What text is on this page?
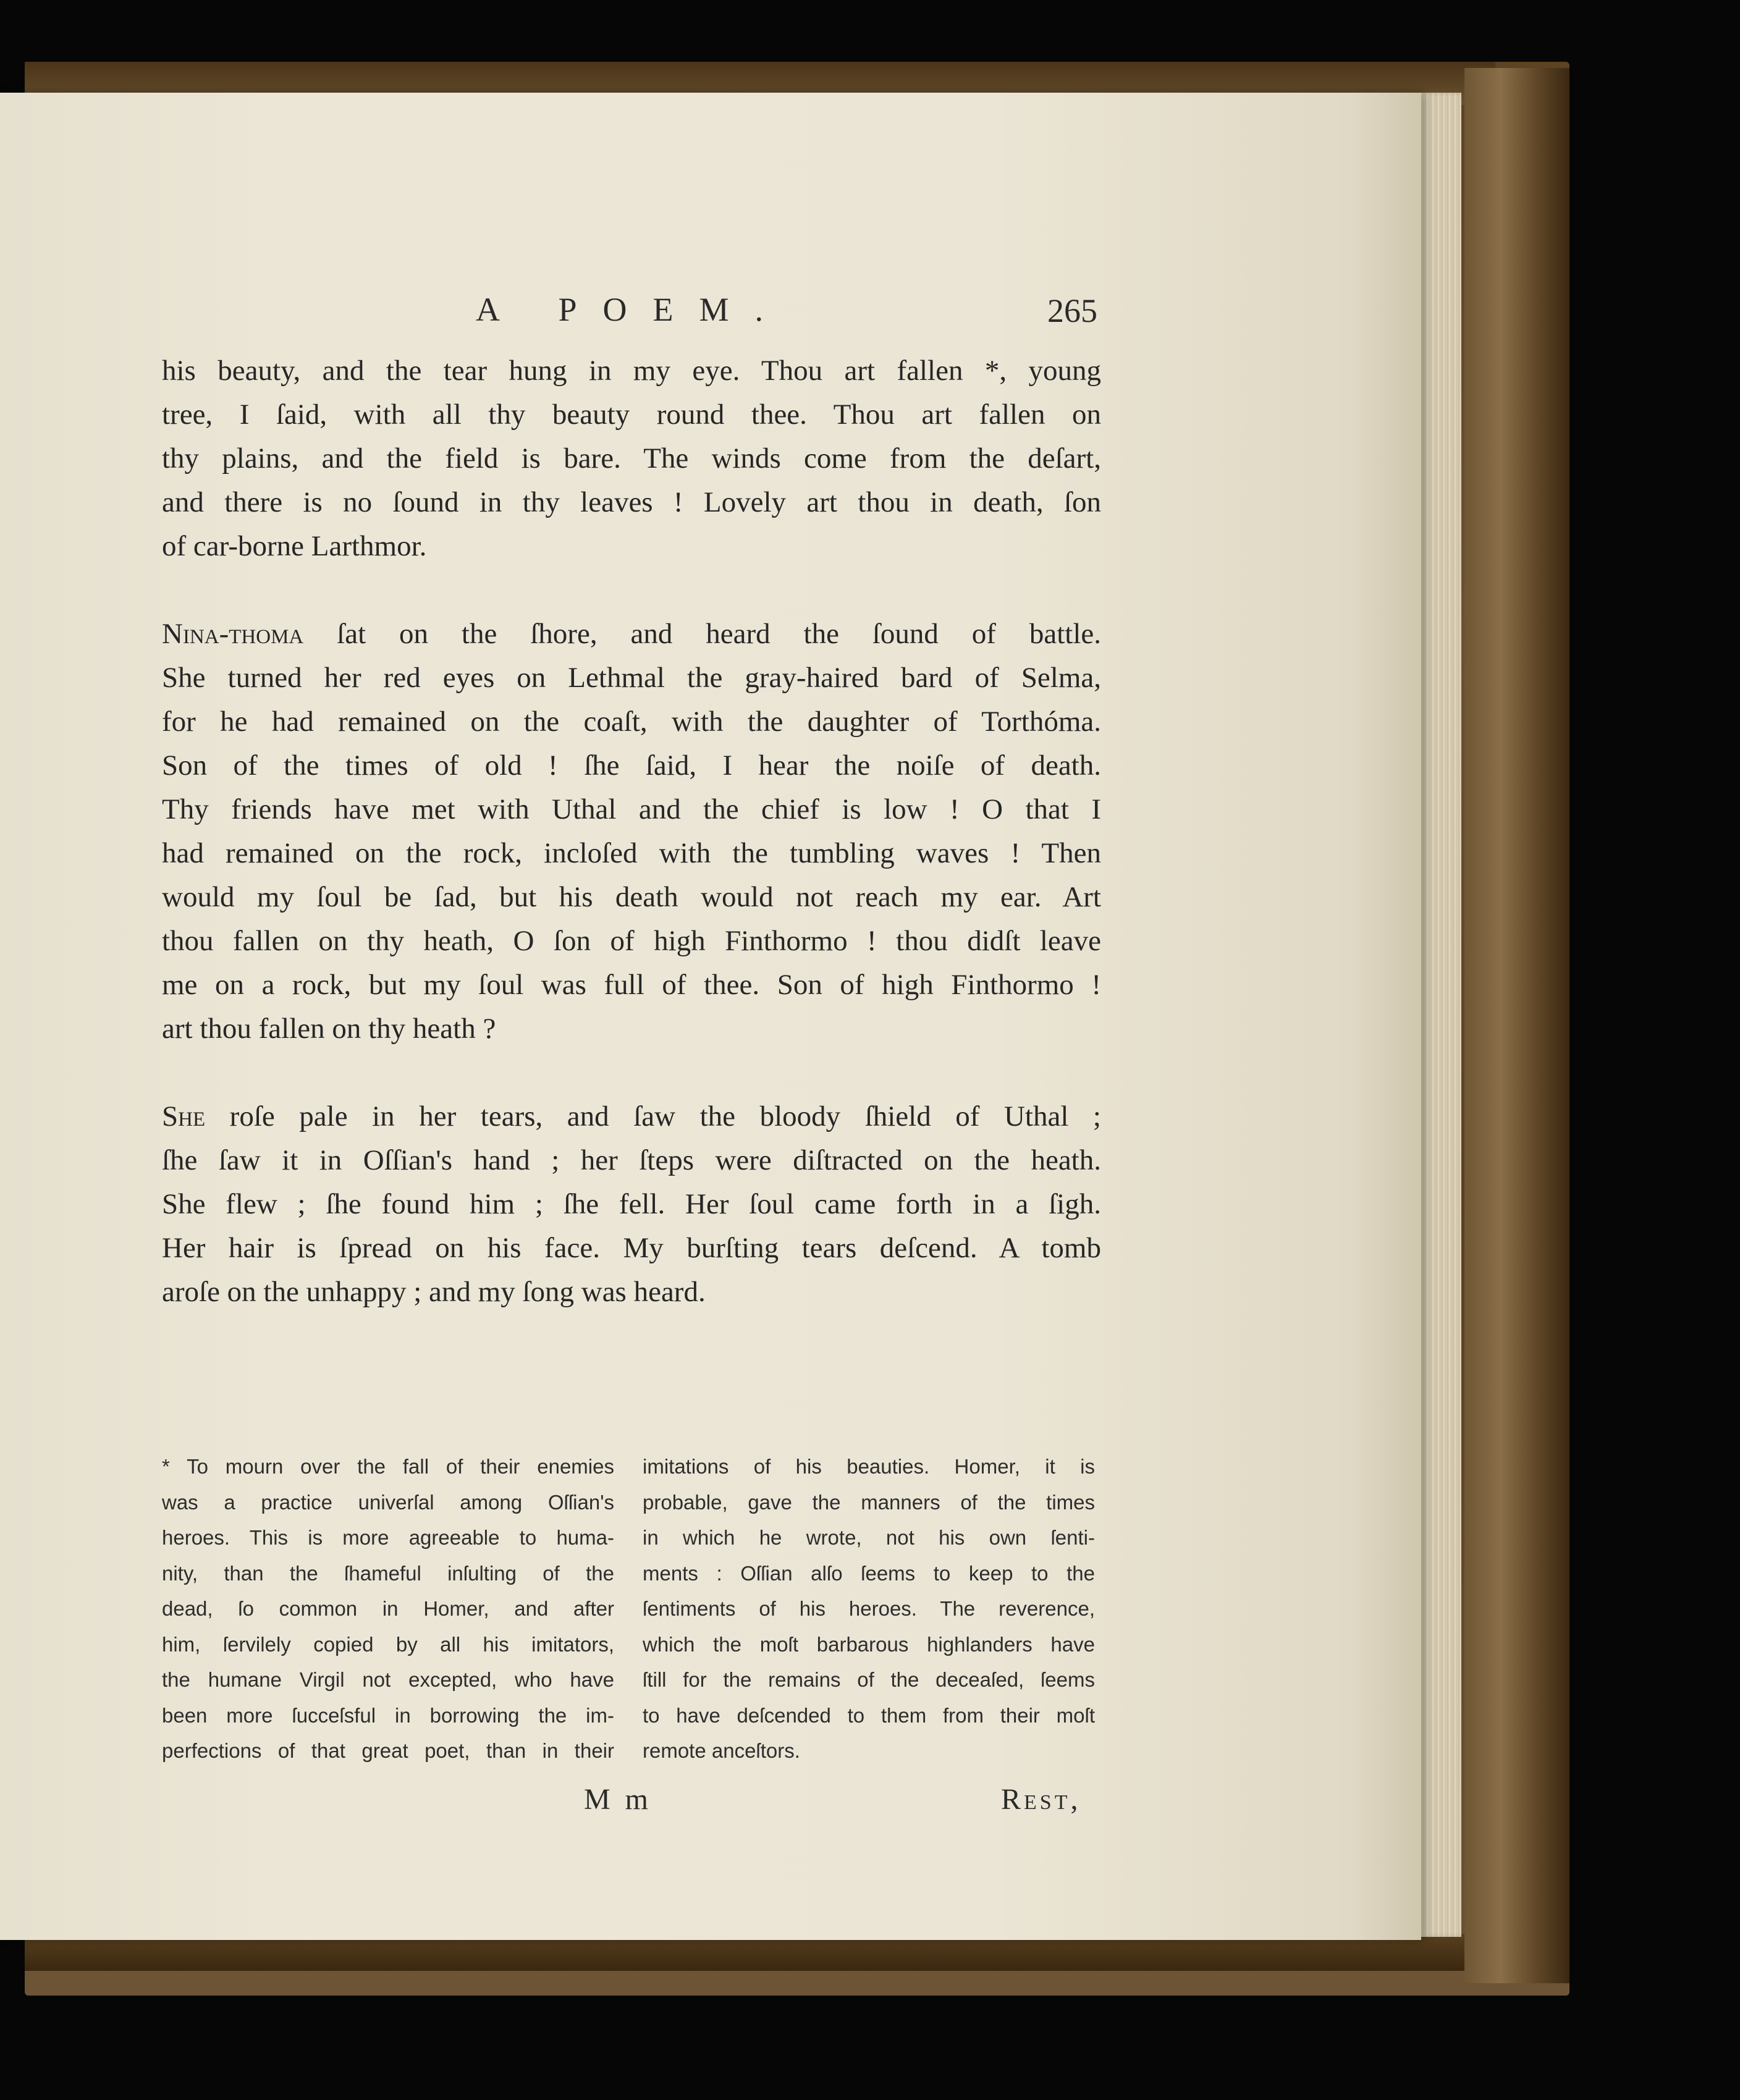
A POEM.	265
his beauty, and the tear hung in my eye. Thou art fallen *, young
tree, I ſaid, with all thy beauty round thee. Thou art fallen on
thy plains, and the field is bare. The winds come from the deſart,
and there is no ſound in thy leaves ! Lovely art thou in death, ſon
of car-borne Larthmor.
Nina-thoma ſat on the ſhore, and heard the ſound of battle.
She turned her red eyes on Lethmal the gray-haired bard of Selma,
for he had remained on the coaſt, with the daughter of Torthóma.
Son of the times of old ! ſhe ſaid, I hear the noiſe of death.
Thy friends have met with Uthal and the chief is low ! O that I
had remained on the rock, incloſed with the tumbling waves ! Then
would my ſoul be ſad, but his death would not reach my ear. Art
thou fallen on thy heath, O ſon of high Finthormo ! thou didſt leave
me on a rock, but my ſoul was full of thee. Son of high Finthormo !
art thou fallen on thy heath ?
She roſe pale in her tears, and ſaw the bloody ſhield of Uthal ;
ſhe ſaw it in Oſſian's hand ; her ſteps were diſtracted on the heath.
She flew ; ſhe found him ; ſhe fell. Her ſoul came forth in a ſigh.
Her hair is ſpread on his face. My burſting tears deſcend. A tomb
aroſe on the unhappy ; and my ſong was heard.
* To mourn over the fall of their enemies
was a practice univerſal among Oſſian's
heroes. This is more agreeable to huma-
nity, than the ſhameful inſulting of the
dead, ſo common in Homer, and after
him, ſervilely copied by all his imitators,
the humane Virgil not excepted, who have
been more ſucceſsful in borrowing the im-
perfections of that great poet, than in their
imitations of his beauties. Homer, it is
probable, gave the manners of the times
in which he wrote, not his own ſenti-
ments : Oſſian alſo ſeems to keep to the
ſentiments of his heroes. The reverence,
which the moſt barbarous highlanders have
ſtill for the remains of the deceaſed, ſeems
to have deſcended to them from their moſt
remote anceſtors.
M m	Rest,
